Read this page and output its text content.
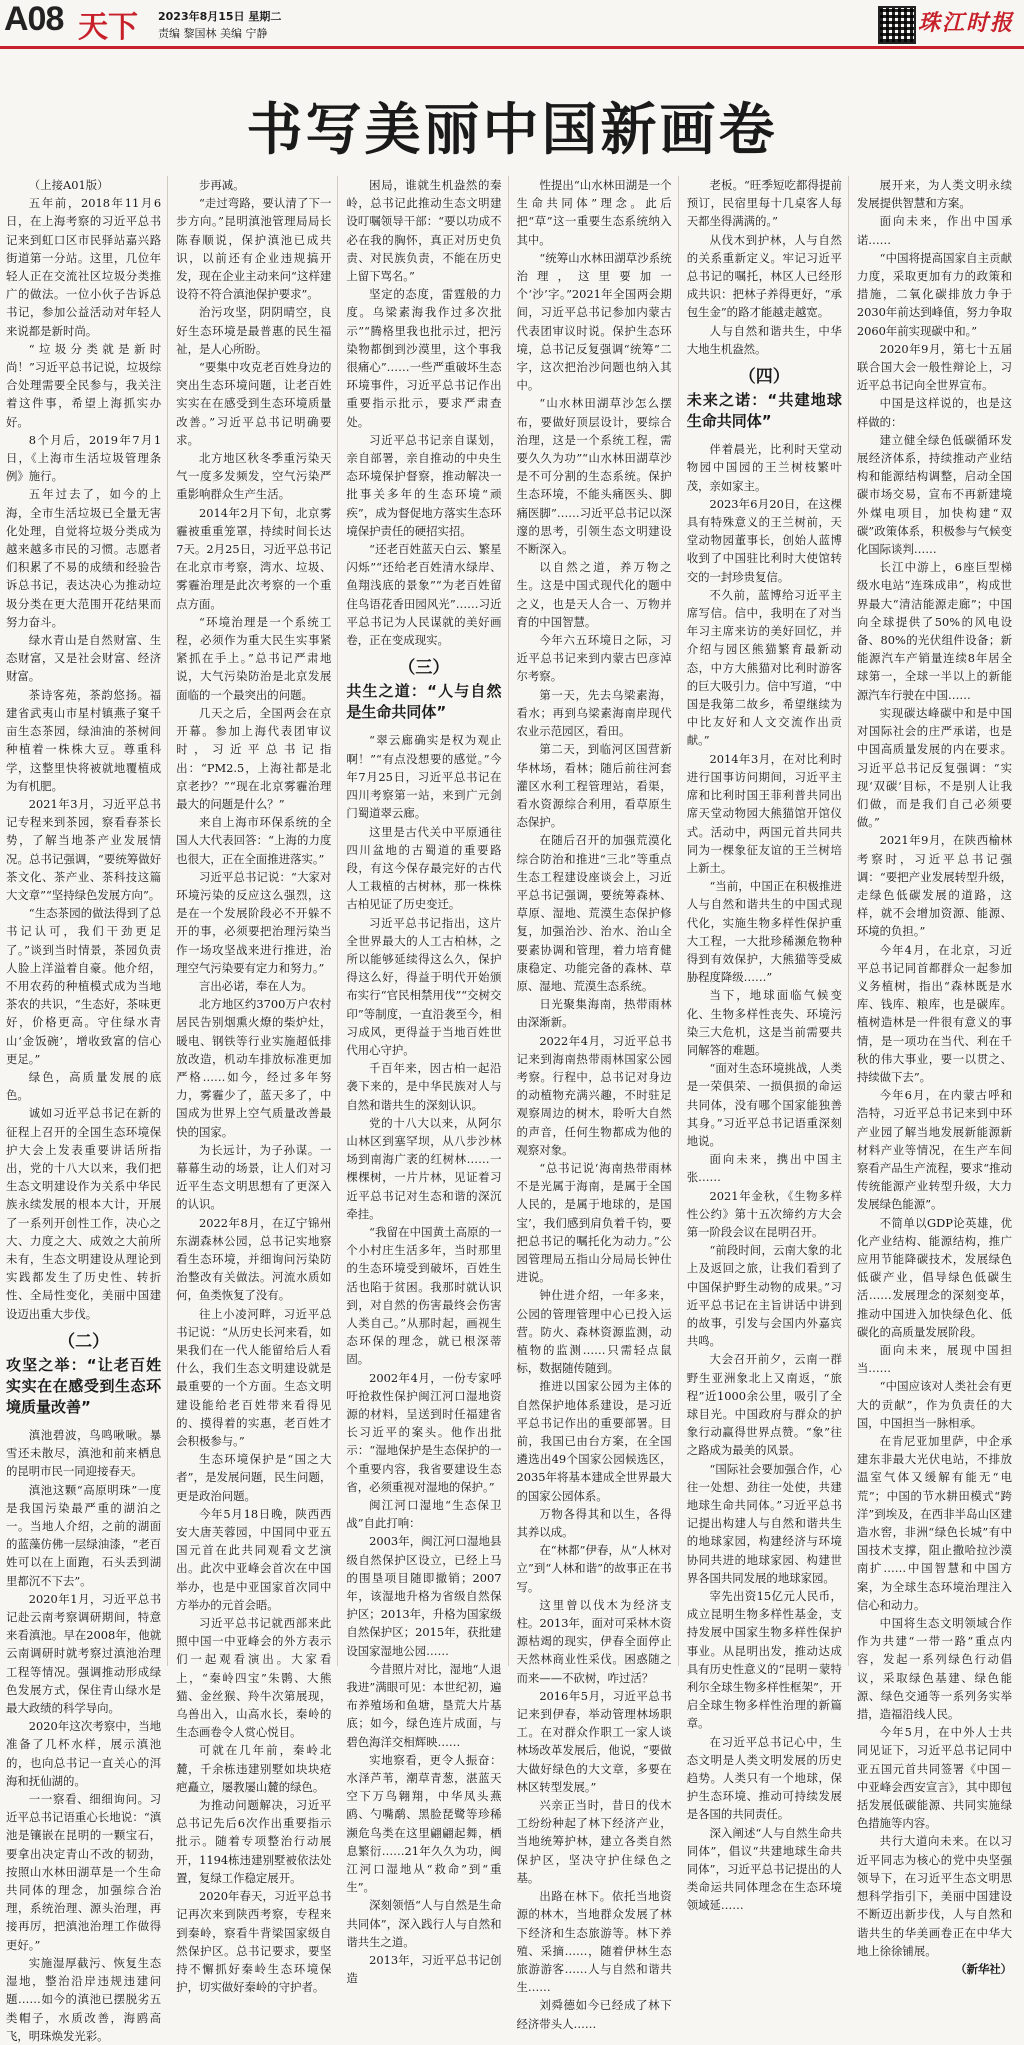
A08 天下 2023年8月15日 星期二
责编 黎国林 美编 宁静	珠江时报
书写美丽中国新画卷

（上接A01版）

五年前，2018年11月6日，在上海考察的习近平总书记来到虹口区市民驿站嘉兴路街道第一分站。这里，几位年轻人正在交流社区垃圾分类推广的做法。一位小伙子告诉总书记，参加公益活动对年轻人来说都是新时尚。

“垃圾分类就是新时尚！”习近平总书记说，垃圾综合处理需要全民参与，我关注着这件事，希望上海抓实办好。

8个月后，2019年7月1日，《上海市生活垃圾管理条例》施行。

五年过去了，如今的上海，全市生活垃圾已全量无害化处理，自觉将垃圾分类成为越来越多市民的习惯。志愿者们积累了不易的成绩和经验告诉总书记，表达决心为推动垃圾分类在更大范围开花结果而努力奋斗。

绿水青山是自然财富、生态财富，又是社会财富、经济财富。

茶诗客苑，茶韵悠扬。福建省武夷山市星村镇燕子窠千亩生态茶园，绿油油的茶树间种植着一株株大豆。尊重科学，这整里快将被就地覆植成为有机肥。

2021年3月，习近平总书记专程来到茶园，察看春茶长势，了解当地茶产业发展情况。总书记强调，“要统筹做好茶文化、茶产业、茶科技这篇大文章”“坚持绿色发展方向”。

“生态茶园的做法得到了总书记认可，我们干劲更足了。”谈到当时情景，茶园负责人脸上洋溢着自豪。他介绍，不用农药的种植模式成为当地茶农的共识，“生态好，茶味更好，价格更高。守住绿水青山‘金饭碗’，增收致富的信心更足。”

绿色，高质量发展的底色。

诚如习近平总书记在新的征程上召开的全国生态环境保护大会上发表重要讲话所指出，党的十八大以来，我们把生态文明建设作为关系中华民族永续发展的根本大计，开展了一系列开创性工作，决心之大、力度之大、成效之大前所未有，生态文明建设从理论到实践都发生了历史性、转折性、全局性变化，美丽中国建设迈出重大步伐。

（二）
攻坚之举：“让老百姓实实在在感受到生态环境质量改善”

滇池碧波，鸟鸣啾啾。暴雪还未散尽，滇池和前来栖息的昆明市民一同迎接春天。

滇池这颗“高原明珠”一度是我国污染最严重的湖泊之一。当地人介绍，之前的湖面的蓝藻仿佛一层绿油漆，“老百姓可以在上面跑，石头丢到湖里都沉不下去”。

2020年1月，习近平总书记赴云南考察调研期间，特意来看滇池。早在2008年，他就云南调研时就考察过滇池治理工程等情况。强调推动形成绿色发展方式，保住青山绿水是最大政绩的科学导向。

2020年这次考察中，当地准备了几杯水样，展示滇池的，也向总书记一直关心的洱海和抚仙湖的。

一一察看、细细询问。习近平总书记语重心长地说：“滇池是镶嵌在昆明的一颗宝石，要拿出决定青山不改的韧劲，按照山水林田湖草是一个生命共同体的理念，加强综合治理，系统治理、源头治理，再接再厉，把滇池治理工作做得更好。”

实施湿厚截污、恢复生态湿地，整治沿岸违规违建问题……如今的滇池已摆脱劣五类帽子，水质改善，海鸥高飞，明珠焕发光彩。

步再减。

“走过弯路，要认清了下一步方向。”昆明滇池管理局局长陈春顺说，保护滇池已成共识，以前还有企业违规搞开发，现在企业主动来问“这样建设符不符合滇池保护要求”。

治污攻坚，阴阴晴空，良好生态环境是最普惠的民生福祉，是人心所盼。

“要集中攻克老百姓身边的突出生态环境问题，让老百姓实实在在感受到生态环境质量改善。”习近平总书记明确要求。

北方地区秋冬季重污染天气一度多发频发，空气污染严重影响群众生产生活。

2014年2月下旬，北京雾霾被重重笼罩，持续时间长达7天。2月25日，习近平总书记在北京市考察，湾水、垃圾、雾霾治理是此次考察的一个重点方面。

“环境治理是一个系统工程，必须作为重大民生实事紧紧抓在手上。”总书记严肃地说，大气污染防治是北京发展面临的一个最突出的问题。

几天之后，全国两会在京开幕。参加上海代表团审议时，习近平总书记指出：“PM2.5，上海社都是北京老抄？”“现在北京雾霾治理最大的问题是什么？”

来自上海市环保系统的全国人大代表回答：“上海的力度也很大，正在全面推进落实。”

习近平总书记说：“大家对环境污染的反应这么强烈，这是在一个发展阶段必不开躲不开的事，必须要把治理污染当作一场攻坚战来进行推进，治理空气污染要有定力和努力。”

言出必诺，奉在人为。

北方地区约3700万户农村居民告别烟熏火燎的柴炉灶，暖电、钢铁等行业实施超低排放改造，机动车排放标准更加严格……如今，经过多年努力，雾霾少了，蓝天多了，中国成为世界上空气质量改善最快的国家。

为长远计，为子孙谋。一幕幕生动的场景，让人们对习近平生态文明思想有了更深入的认识。

2022年8月，在辽宁锦州东湖森林公园，总书记实地察看生态环境，并细询问污染防治整改有关做法。河流水质如何，鱼类恢复了没有。

往上小凌河畔，习近平总书记说：“从历史长河来看，如果我们在一代人能留给后人看什么，我们生态文明建设就是最重要的一个方面。生态文明建设能给老百姓带来看得见的、摸得着的实惠，老百姓才会积极参与。”

生态环境保护是“国之大者”，是发展问题，民生问题，更是政治问题。

今年5月18日晚，陕西西安大唐芙蓉园，中国同中亚五国元首在此共同观看文艺演出。此次中亚峰会首次在中国举办，也是中亚国家首次同中方举办的元首会晤。

习近平总书记就西部来此照中国一中亚峰会的外方表示们一起观看演出。大家看上，“秦岭四宝”朱鹮、大熊猫、金丝猴、羚牛次第展现，乌兽出入，山高水长，秦岭的生态画卷令人赏心悦目。

可就在几年前，秦岭北麓，千余栋违建别墅如块块疮疤矗立，屡教屡山麓的绿色。

为推动问题解决，习近平总书记先后6次作出重要指示批示。随着专项整治行动展开，1194栋违建别墅被依法处置，复绿工作稳定展开。

2020年春天，习近平总书记再次来到陕西考察，专程来到秦岭，察看牛背梁国家级自然保护区。总书记要求，要坚持不懈抓好秦岭生态环境保护，切实做好秦岭的守护者。

困局，谁就生机盎然的秦岭，总书记此推动生态文明建设叮嘱领导干部：“要以功成不必在我的胸怀，真正对历史负责、对民族负责，不能在历史上留下骂名。”

坚定的态度，雷霆般的力度。乌梁素海我作过多次批示”“腾格里我也批示过，把污染物都倒到沙漠里，这个事我很痛心”……一些严重破坏生态环境事件，习近平总书记作出重要指示批示，要求严肃查处。

习近平总书记亲自谋划，亲自部署，亲自推动的中央生态环境保护督察，推动解决一批事关多年的生态环境“顽疾”，成为督促地方落实生态环境保护责任的硬招实招。

“还老百姓蓝天白云、繁星闪烁”“还给老百姓清水绿岸、鱼翔浅底的景象”“为老百姓留住鸟语花香田园风光”……习近平总书记为人民谋就的美好画卷，正在变成现实。

（三）
共生之道：“人与自然是生命共同体”

“翠云廊确实是权为观止啊！”“有点没想要的感觉。”今年7月25日，习近平总书记在四川考察第一站，来到广元剑门蜀道翠云廊。

这里是古代关中平原通往四川盆地的古蜀道的重要路段，有这今保存最完好的古代人工栽植的古树林，那一株株古柏见证了历史变迁。

习近平总书记指出，这片全世界最大的人工古柏林，之所以能够延续得这么久，保护得这么好，得益于明代开始颁布实行“官民相禁用伐”“交树交印”等制度，一直沿袭至今，相习成风，更得益于当地百姓世代用心守护。

千百年来，因古柏一起沿袭下来的，是中华民族对人与自然和谐共生的深刻认识。

党的十八大以来，从阿尔山林区到塞罕坝，从八步沙林场到南海广袤的红树林……一棵棵树，一片片林，见证着习近平总书记对生态和谐的深沉牵挂。

“我留在中国黄土高原的一个小村庄生活多年，当时那里的生态环境受到破坏，百姓生活也陷于贫困。我那时就认识到，对自然的伤害最终会伤害人类自己。”从那时起，画视生态环保的理念，就已根深蒂固。

2002年4月，一份专家呼吁抢救性保护闽江河口湿地资源的材料，呈送到时任福建省长习近平的案头。他作出批示：“湿地保护是生态保护的一个重要内容，我省要建设生态省，必须重视对湿地的保护。”

闽江河口湿地“生态保卫战”自此打响：

2003年，闽江河口湿地县级自然保护区设立，已经上马的围垦项目随即撤销；2007年，该湿地升格为省级自然保护区；2013年，升格为国家级自然保护区；2015年，获批建设国家湿地公园……

今昔照片对比，湿地“人退我进”满眼可见：本世纪初，遍布养殖场和鱼塘，垦荒大片基底；如今，绿色连片成面，与碧色海洋交相辉映……

实地察看，更令人振奋：水泽芦苇，潮草青葱，湛蓝天空下万鸟翱翔，中华凤头燕鸥、勺嘴鹬、黑脸琵鹭等珍稀濒危鸟类在这里翩翩起舞，栖息繁衍……21年久久为功，闽江河口湿地从“救命”到“重生”。

深刻领悟“人与自然是生命共同体”，深入践行人与自然和谐共生之道。

2013年，习近平总书记创造

性提出“山水林田湖是一个生命共同体”理念。此后把“草”这一重要生态系统纳入其中。

“统筹山水林田湖草沙系统治理，这里要加一个‘沙’字。”2021年全国两会期间，习近平总书记参加内蒙古代表团审议时说。保护生态环境，总书记反复强调“统筹”二字，这次把治沙问题也纳入其中。

“山水林田湖草沙怎么摆布，要做好顶层设计，要综合治理，这是一个系统工程，需要久久为功”“山水林田湖草沙是不可分割的生态系统。保护生态环境，不能头痛医头、脚痛医脚”……习近平总书记以深邃的思考，引领生态文明建设不断深入。

以自然之道，养万物之生。这是中国式现代化的题中之义，也是天人合一、万物并育的中国智慧。

今年六五环境日之际，习近平总书记来到内蒙古巴彦淖尔考察。

第一天，先去乌梁素海，看水；再到乌梁素海南岸现代农业示范园区，看田。

第二天，到临河区国营新华林场，看林；随后前往河套灌区水利工程管理站，看渠，看水资源综合利用，看草原生态保护。

在随后召开的加强荒漠化综合防治和推进“三北”等重点生态工程建设座谈会上，习近平总书记强调，要统筹森林、草原、湿地、荒漠生态保护修复，加强治沙、治水、治山全要素协调和管理，着力培育健康稳定、功能完备的森林、草原、湿地、荒漠生态系统。

日光聚集海南，热带雨林由深渐新。

2022年4月，习近平总书记来到海南热带雨林国家公园考察。行程中，总书记对身边的动植物充满兴趣，不时驻足观察周边的树木，聆听大自然的声音，任何生物都成为他的观察对象。

“总书记说‘海南热带雨林不是光属于海南，是属于全国人民的，是属于地球的，是国宝’，我们感到肩负着千钧，要把总书记的嘱托化为动力。”公园管理局五指山分局局长钟仕进说。

钟仕进介绍，一年多来，公园的管理管理中心已投入运营。防火、森林资源监测，动植物的监测……只需轻点鼠标，数据随传随到。

推进以国家公园为主体的自然保护地体系建设，是习近平总书记作出的重要部署。目前，我国已由台方案，在全国遴选出49个国家公园候选区，2035年将基本建成全世界最大的国家公园体系。

万物各得其和以生，各得其养以成。

在“林都”伊春，从“人林对立”到“人林和谐”的故事正在书写。

这里曾以伐木为经济支柱。2013年，面对可采林木资源枯竭的现实，伊春全面停止天然林商业性采伐。困惑随之而来——不砍树，咋过活？

2016年5月，习近平总书记来到伊春，举动管理林场职工。在对群众作职工一家人谈林场改革发展后，他说，“要做大做好绿色的大文章，多要在林区转型发展。”

兴亲正当时，昔日的伐木工纷纷种起了林下经济产业，当地统筹护林，建立各类自然保护区，坚决守护住绿色之基。

出路在林下。依托当地资源的林木，当地群众发展了林下经济和生态旅游等。林下养殖、采摘……，随着伊林生态旅游游客……人与自然和谐共生……

刘舜德如今已经成了林下经济带头人……

老板。“旺季短吃都得提前预订，民宿里每十几桌客人每天都坐得满满的。”

从伐木到护林，人与自然的关系重新定义。牢记习近平总书记的嘱托，林区人已经形成共识：把林子养得更好，“承包生金”的路才能越走越宽。

人与自然和谐共生，中华大地生机盎然。

（四）
未来之诺：“共建地球生命共同体”

伴着晨光，比利时天堂动物园中国园的王兰树枝繁叶茂，亲如家主。

2023年6月20日，在这棵具有特殊意义的王兰树前，天堂动物园董事长，创始人蓝博收到了中国驻比利时大使馆转交的一封珍贵复信。

不久前，蓝博给习近平主席写信。信中，我明在了对当年习主席来访的美好回忆，并介绍与园区熊猫繁育最新动态，中方大熊猫对比利时游客的巨大吸引力。信中写道，“中国是我第二故乡，希望继续为中比友好和人文交流作出贡献。”

2014年3月，在对比利时进行国事访问期间，习近平主席和比利时国王菲利普共同出席天堂动物园大熊猫馆开馆仪式。活动中，两国元首共同共同为一棵象征友谊的王兰树培上新土。

“当前，中国正在积极推进人与自然和谐共生的中国式现代化，实施生物多样性保护重大工程，一大批珍稀濒危物种得到有效保护，大熊猫等受威胁程度降级……”

当下，地球面临气候变化、生物多样性丧失、环境污染三大危机，这是当前需要共同解答的难题。

“面对生态环境挑战，人类是一荣俱荣、一损俱损的命运共同体，没有哪个国家能独善其身。”习近平总书记语重深刻地说。

面向未来，携出中国主张……

2021年金秋，《生物多样性公约》第十五次缔约方大会第一阶段会议在昆明召开。

“前段时间，云南大象的北上及返回之旅，让我们看到了中国保护野生动物的成果。”习近平总书记在主旨讲话中讲到的故事，引发与会国内外嘉宾共鸣。

大会召开前夕，云南一群野生亚洲象北上又南返，“旅程”近1000余公里，吸引了全球目光。中国政府与群众的护象行动赢得世界点赞。“象”往之路成为最美的风景。

“国际社会要加强合作，心往一处想、劲往一处使，共建地球生命共同体。”习近平总书记提出构建人与自然和谐共生的地球家园，构建经济与环境协同共进的地球家园、构建世界各国共同发展的地球家园。

宰先出资15亿元人民币，成立昆明生物多样性基金，支持发展中国家生物多样性保护事业。从昆明出发，推动达成具有历史性意义的“昆明－蒙特利尔全球生物多样性框架”，开启全球生物多样性治理的新篇章。

在习近平总书记心中，生态文明是人类文明发展的历史趋势。人类只有一个地球，保护生态环境、推动可持续发展是各国的共同责任。

深入阐述“人与自然生命共同体”，倡议“共建地球生命共同体”，习近平总书记提出的人类命运共同体理念在生态环境领域延……

展开来，为人类文明永续发展提供智慧和方案。

面向未来，作出中国承诺……

“中国将提高国家自主贡献力度，采取更加有力的政策和措施，二氧化碳排放力争于2030年前达到峰值，努力争取2060年前实现碳中和。”

2020年9月，第七十五届联合国大会一般性辩论上，习近平总书记向全世界宣布。

中国是这样说的，也是这样做的：

建立健全绿色低碳循环发展经济体系，持续推动产业结构和能源结构调整，启动全国碳市场交易，宣布不再新建境外煤电项目，加快构建“双碳”政策体系，积极参与气候变化国际谈判……

长江中游上，6座巨型梯级水电站“连珠成串”，构成世界最大“清洁能源走廊”；中国向全球提供了50%的风电设备、80%的光伏组件设备；新能源汽车产销量连续8年居全球第一，全球一半以上的新能源汽车行驶在中国……

实现碳达峰碳中和是中国对国际社会的庄严承诺，也是中国高质量发展的内在要求。习近平总书记反复强调：“实现‘双碳’目标，不是别人让我们做，而是我们自己必须要做。”

2021年9月，在陕西榆林考察时，习近平总书记强调：“要把产业发展转型升级，走绿色低碳发展的道路，这样，就不会增加资源、能源、环境的负担。”

今年4月，在北京，习近平总书记同首都群众一起参加义务植树，指出“森林既是水库、钱库、粮库，也是碳库。植树造林是一件很有意义的事情，是一项功在当代、利在千秋的伟大事业，要一以贯之、持续做下去”。

今年6月，在内蒙古呼和浩特，习近平总书记来到中环产业园了解当地发展新能源新材料产业等情况，在生产车间察看产品生产流程，要求“推动传统能源产业转型升级，大力发展绿色能源”。

不简单以GDP论英雄，优化产业结构、能源结构，推广应用节能降碳技术，发展绿色低碳产业，倡导绿色低碳生活……发展理念的深刻变革，推动中国进入加快绿色化、低碳化的高质量发展阶段。

面向未来，展现中国担当……

“中国应该对人类社会有更大的贡献”，作为负责任的大国，中国担当一脉相承。

在肯尼亚加里萨，中企承建东非最大光伏电站，不排放温室气体又缓解有能无“电荒”；中国的节水耕田模式“跨洋”到埃及，在西非半岛山区建造水窖，非洲“绿色长城”有中国技术支撑，阻止撒哈拉沙漠南扩……中国智慧和中国方案，为全球生态环境治理注入信心和动力。

中国将生态文明领域合作作为共建“一带一路”重点内容，发起一系列绿色行动倡议，采取绿色基建、绿色能源、绿色交通等一系列务实举措，造福沿线人民。

今年5月，在中外人士共同见证下，习近平总书记同中亚五国元首共同签署《中国－中亚峰会西安宣言》，其中即包括发展低碳能源、共同实施绿色措施等内容。

共行大道向未来。在以习近平同志为核心的党中央坚强领导下，在习近平生态文明思想科学指引下，美丽中国建设不断迈出新步伐，人与自然和谐共生的华美画卷正在中华大地上徐徐铺展。

（新华社）
